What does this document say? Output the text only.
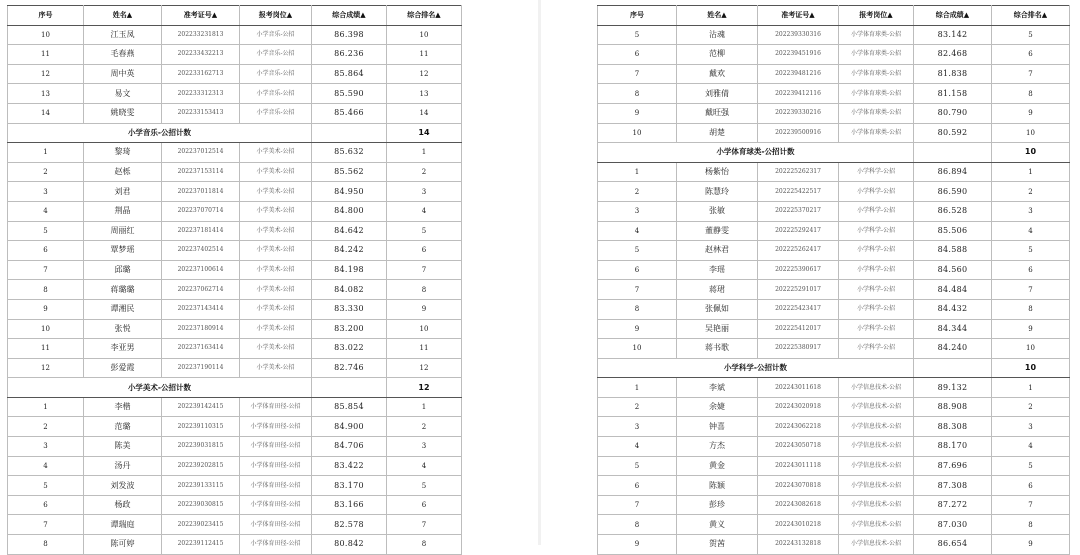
序号	姓名▲	准考证号▲	报考岗位▲	综合成绩▲	综合排名▲
10	江玉凤	202233231813	小学音乐-公招	86.398	10
11	毛春燕	202233432213	小学音乐-公招	86.236	11
12	周中英	202233162713	小学音乐-公招	85.864	12
13	易文	202233312313	小学音乐-公招	85.590	13
14	姚晓雯	202233153413	小学音乐-公招	85.466	14
小学音乐-公招计数					14
1	黎琦	202237012514	小学美术-公招	85.632	1
2	赵栎	202237153114	小学美术-公招	85.562	2
3	刘君	202237011814	小学美术-公招	84.950	3
4	荆晶	202237070714	小学美术-公招	84.800	4
5	周丽红	202237181414	小学美术-公招	84.642	5
6	覃梦瑶	202237402514	小学美术-公招	84.242	6
7	邱璐	202237100614	小学美术-公招	84.198	7
8	蒋璐璐	202237062714	小学美术-公招	84.082	8
9	谭湘民	202237143414	小学美术-公招	83.330	9
10	张悦	202237180914	小学美术-公招	83.200	10
11	李亚男	202237163414	小学美术-公招	83.022	11
12	彭爱霞	202237190114	小学美术-公招	82.746	12
小学美术-公招计数					12
1	李楷	202239142415	小学体育田径-公招	85.854	1
2	范璐	202239110315	小学体育田径-公招	84.900	2
3	陈美	202239031815	小学体育田径-公招	84.706	3
4	汤丹	202239202815	小学体育田径-公招	83.422	4
5	刘发波	202239133115	小学体育田径-公招	83.170	5
6	杨政	202239030815	小学体育田径-公招	83.166	6
7	谭瑞庭	202239023415	小学体育田径-公招	82.578	7
8	陈可婷	202239112415	小学体育田径-公招	80.842	8
序号	姓名▲	准考证号▲	报考岗位▲	综合成绩▲	综合排名▲
5	沾魂	202239330316	小学体育球类-公招	83.142	5
6	范柳	202239451916	小学体育球类-公招	82.468	6
7	戴欢	202239481216	小学体育球类-公招	81.838	7
8	刘雅倩	202239412116	小学体育球类-公招	81.158	8
9	戴旺强	202239330216	小学体育球类-公招	80.790	9
10	胡楚	202239500916	小学体育球类-公招	80.592	10
小学体育球类-公招计数					10
1	杨紫怡	202225262317	小学科学-公招	86.894	1
2	陈慧玲	202225422517	小学科学-公招	86.590	2
3	张敏	202225370217	小学科学-公招	86.528	3
4	董静雯	202225292417	小学科学-公招	85.506	4
5	赵林君	202225262417	小学科学-公招	84.588	5
6	李瑶	202225390617	小学科学-公招	84.560	6
7	蒋珺	202225291017	小学科学-公招	84.484	7
8	张佩如	202225423417	小学科学-公招	84.432	8
9	吴艳丽	202225412017	小学科学-公招	84.344	9
10	蒋书歌	202225380917	小学科学-公招	84.240	10
小学科学-公招计数					10
1	李斌	202243011618	小学信息技术-公招	89.132	1
2	余婕	202243020918	小学信息技术-公招	88.908	2
3	钟喜	202243062218	小学信息技术-公招	88.308	3
4	方杰	202243050718	小学信息技术-公招	88.170	4
5	黄金	202243011118	小学信息技术-公招	87.696	5
6	陈颖	202243070818	小学信息技术-公招	87.308	6
7	彭珍	202243082618	小学信息技术-公招	87.272	7
8	黄义	202243010218	小学信息技术-公招	87.030	8
9	贺茜	202243132818	小学信息技术-公招	86.654	9
